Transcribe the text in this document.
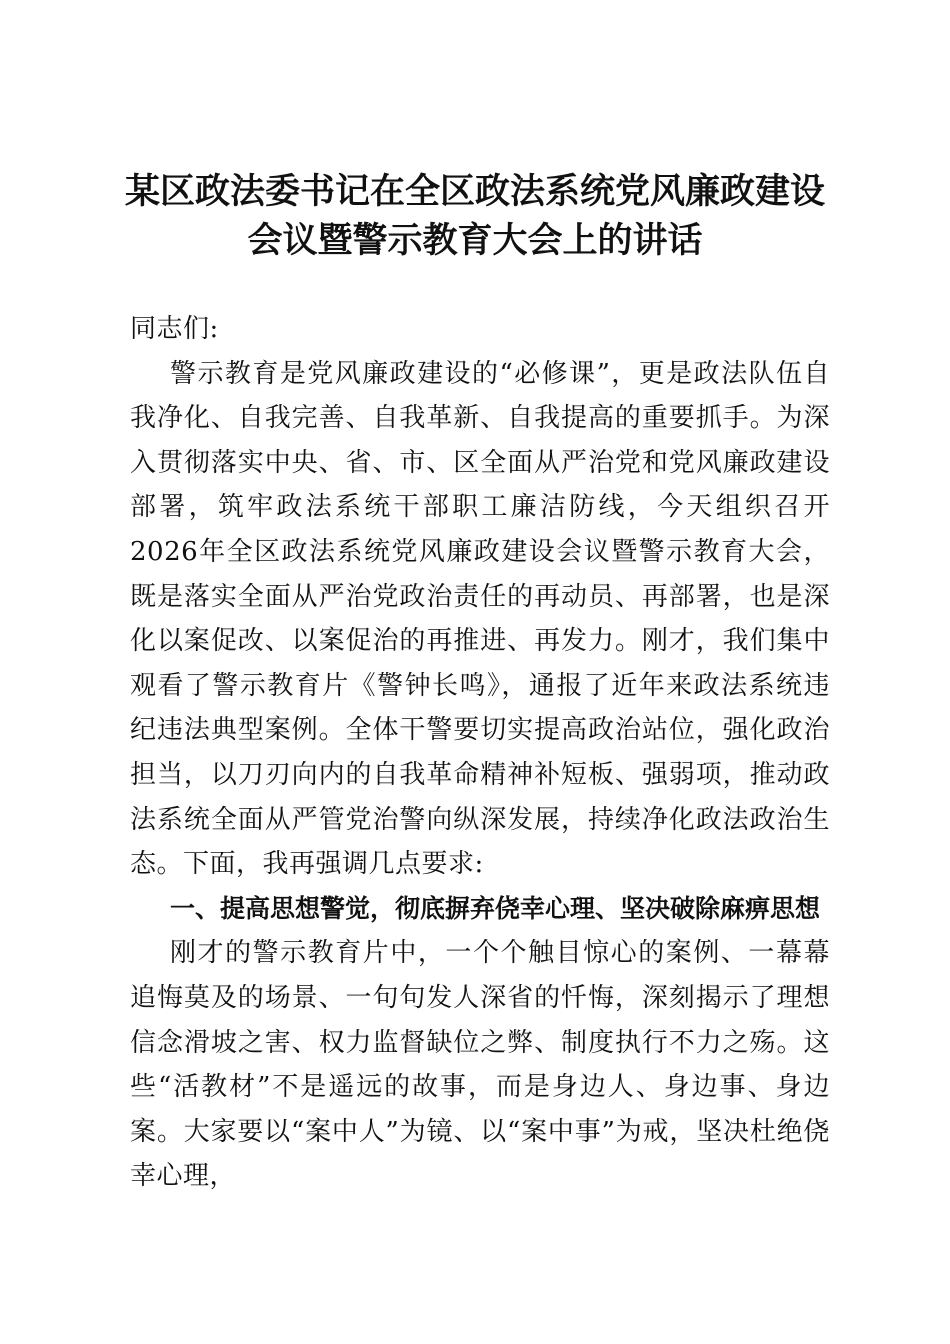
某区政法委书记在全区政法系统党风廉政建设
会议暨警示教育大会上的讲话

同志们:

警示教育是党风廉政建设的“必修课”，更是政法队伍自我净化、自我完善、自我革新、自我提高的重要抓手。为深入贯彻落实中央、省、市、区全面从严治党和党风廉政建设部署，筑牢政法系统干部职工廉洁防线，今天组织召开2026年全区政法系统党风廉政建设会议暨警示教育大会，既是落实全面从严治党政治责任的再动员、再部署，也是深化以案促改、以案促治的再推进、再发力。刚才，我们集中观看了警示教育片《警钟长鸣》，通报了近年来政法系统违纪违法典型案例。全体干警要切实提高政治站位，强化政治担当，以刀刃向内的自我革命精神补短板、强弱项，推动政法系统全面从严管党治警向纵深发展，持续净化政法政治生态。下面，我再强调几点要求:

一、提高思想警觉，彻底摒弃侥幸心理、坚决破除麻痹思想

刚才的警示教育片中，一个个触目惊心的案例、一幕幕追悔莫及的场景、一句句发人深省的忏悔，深刻揭示了理想信念滑坡之害、权力监督缺位之弊、制度执行不力之殇。这些“活教材”不是遥远的故事，而是身边人、身边事、身边案。大家要以“案中人”为镜、以“案中事”为戒，坚决杜绝侥幸心理，
